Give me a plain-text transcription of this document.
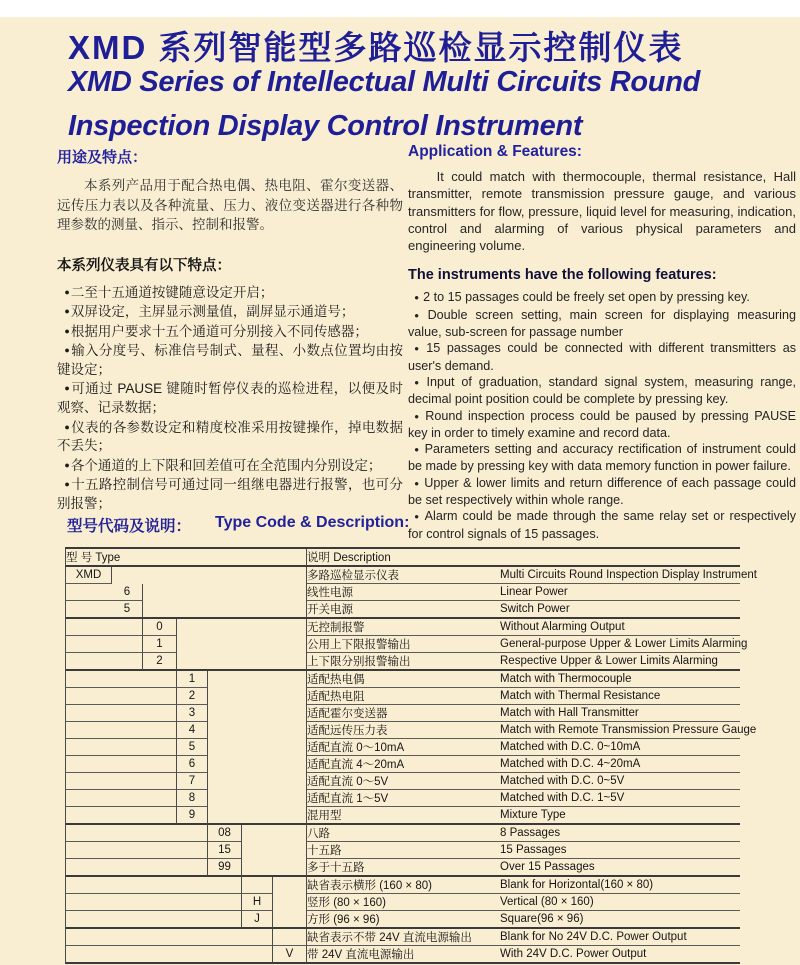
XMD 系列智能型多路巡检显示控制仪表
XMD Series of Intellectual Multi Circuits Round
Inspection Display Control Instrument
用途及特点：

本系列产品用于配合热电偶、热电阻、霍尔变送器、远传压力表以及各种流量、压力、液位变送器进行各种物理参数的测量、指示、控制和报警。

本系列仪表具有以下特点：
● 二至十五通道按键随意设定开启；
● 双屏设定，主屏显示测量值，副屏显示通道号；
● 根据用户要求十五个通道可分别接入不同传感器；
● 输入分度号、标准信号制式、量程、小数点位置均由按键设定；
● 可通过 PAUSE 键随时暂停仪表的巡检进程，以便及时观察、记录数据；
● 仪表的各参数设定和精度校准采用按键操作，掉电数据不丢失；
● 各个通道的上下限和回差值可在全范围内分别设定；
● 十五路控制信号可通过同一组继电器进行报警，也可分别报警；
Application & Features:

It could match with thermocouple, thermal resistance, Hall transmitter, remote transmission pressure gauge, and various transmitters for flow, pressure, liquid level for measuring, indication, control and alarming of various physical parameters and engineering volume.

The instruments have the following features:
● 2 to 15 passages could be freely set open by pressing key.
● Double screen setting, main screen for displaying measuring value, sub-screen for passage number
● 15 passages could be connected with different transmitters as user's demand.
● Input of graduation, standard signal system, measuring range, decimal point position could be complete by pressing key.
● Round inspection process could be paused by pressing PAUSE key in order to timely examine and record data.
● Parameters setting and accuracy rectification of instrument could be made by pressing key with data memory function in power failure.
● Upper & lower limits and return difference of each passage could be set respectively within whole range.
● Alarm could be made through the same relay set or respectively for control signals of 15 passages.
型号代码及说明： Type Code & Description:
型 号 Type							说明 Description	
XMD							多路巡检显示仪表	Multi Circuits Round Inspection Display Instrument
	6						线性电源	Linear Power
	5						开关电源	Switch Power
		0					无控制报警	Without Alarming Output
		1					公用上下限报警输出	General-purpose Upper & Lower Limits Alarming
		2					上下限分别报警输出	Respective Upper & Lower Limits Alarming
			1				适配热电偶	Match with Thermocouple
			2				适配热电阻	Match with Thermal Resistance
			3				适配霍尔变送器	Match with Hall Transmitter
			4				适配远传压力表	Match with Remote Transmission Pressure Gauge
			5				适配直流 0～10mA	Matched with D.C. 0~10mA
			6				适配直流 4～20mA	Matched with D.C. 4~20mA
			7				适配直流 0～5V	Matched with D.C. 0~5V
			8				适配直流 1～5V	Matched with D.C. 1~5V
			9				混用型	Mixture Type
				08			八路	8 Passages
				15			十五路	15 Passages
				99			多于十五路	Over 15 Passages
							缺省表示横形 (160 × 80)	Blank for Horizontal(160 × 80)
					H		竖形 (80 × 160)	Vertical (80 × 160)
					J		方形 (96 × 96)	Square(96 × 96)
							缺省表示不带 24V 直流电源输出	Blank for No 24V D.C. Power Output
						V	带 24V 直流电源输出	With 24V D.C. Power Output
